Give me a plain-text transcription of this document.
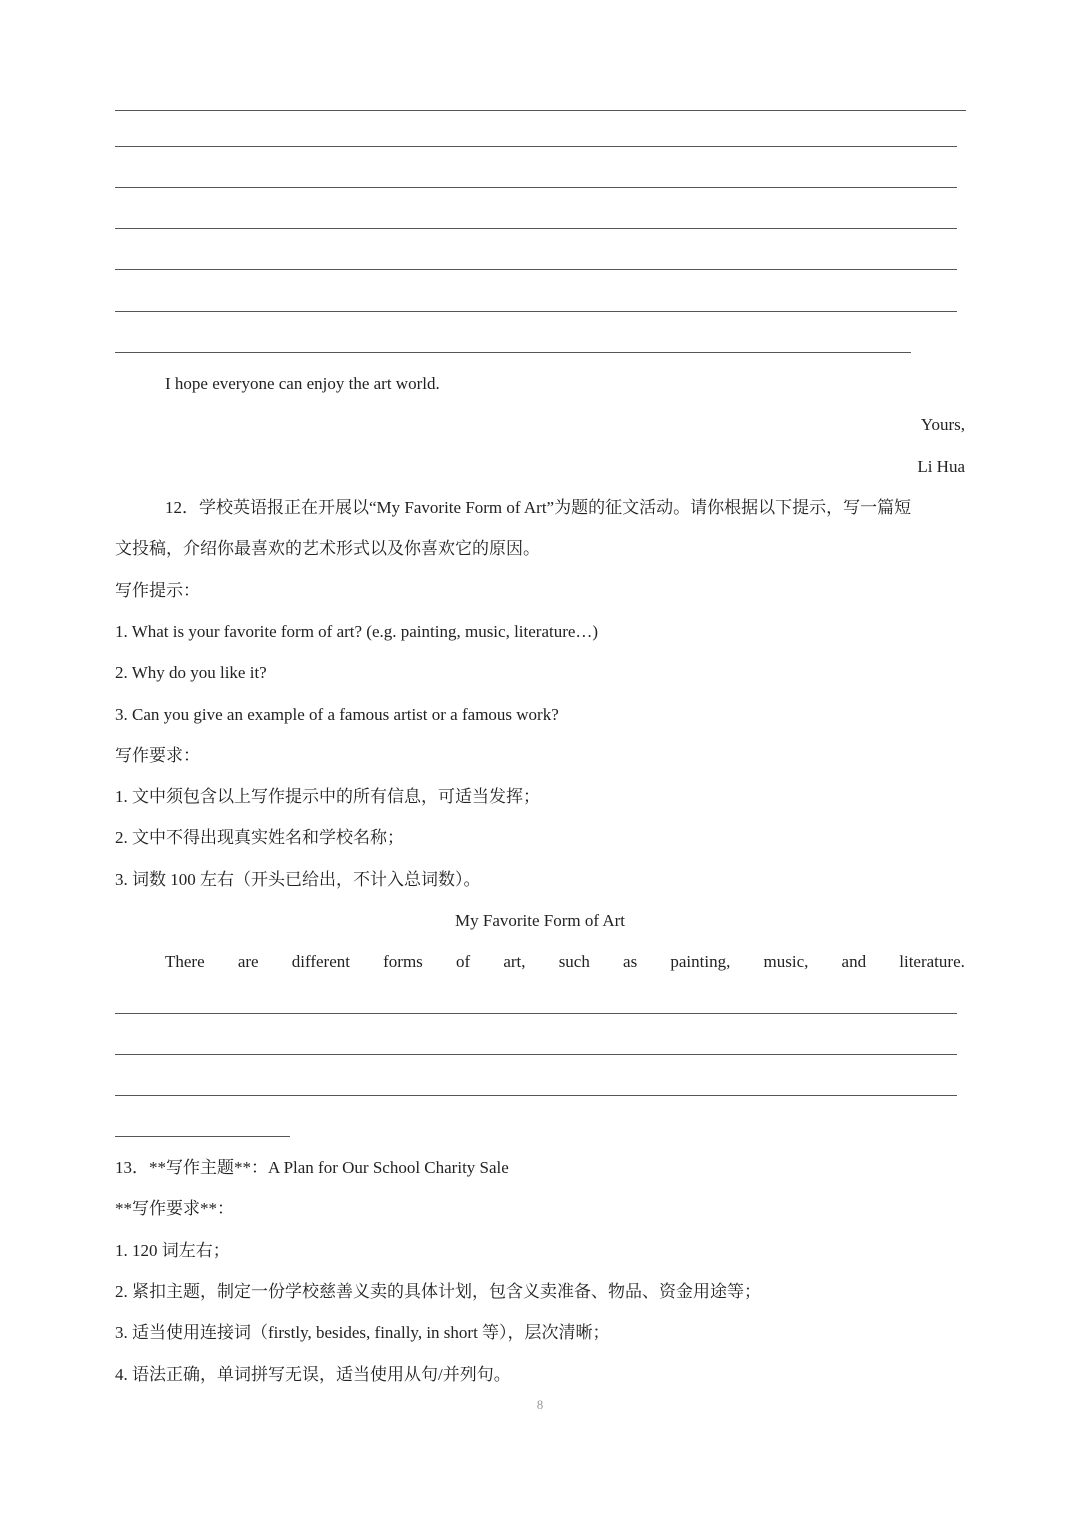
I hope everyone can enjoy the art world.
Yours,
Li Hua
12．学校英语报正在开展以“My Favorite Form of Art”为题的征文活动。请你根据以下提示，写一篇短
文投稿，介绍你最喜欢的艺术形式以及你喜欢它的原因。
写作提示：
1. What is your favorite form of art? (e.g. painting, music, literature…)
2. Why do you like it?
3. Can you give an example of a famous artist or a famous work?
写作要求：
1. 文中须包含以上写作提示中的所有信息，可适当发挥；
2. 文中不得出现真实姓名和学校名称；
3. 词数 100 左右（开头已给出，不计入总词数）。
My Favorite Form of Art
There are different forms of art, such as painting, music, and literature.
13．**写作主题**：A Plan for Our School Charity Sale
**写作要求**：
1. 120 词左右；
2. 紧扣主题，制定一份学校慈善义卖的具体计划，包含义卖准备、物品、资金用途等；
3. 适当使用连接词（firstly, besides, finally, in short 等），层次清晰；
4. 语法正确，单词拼写无误，适当使用从句/并列句。
8
